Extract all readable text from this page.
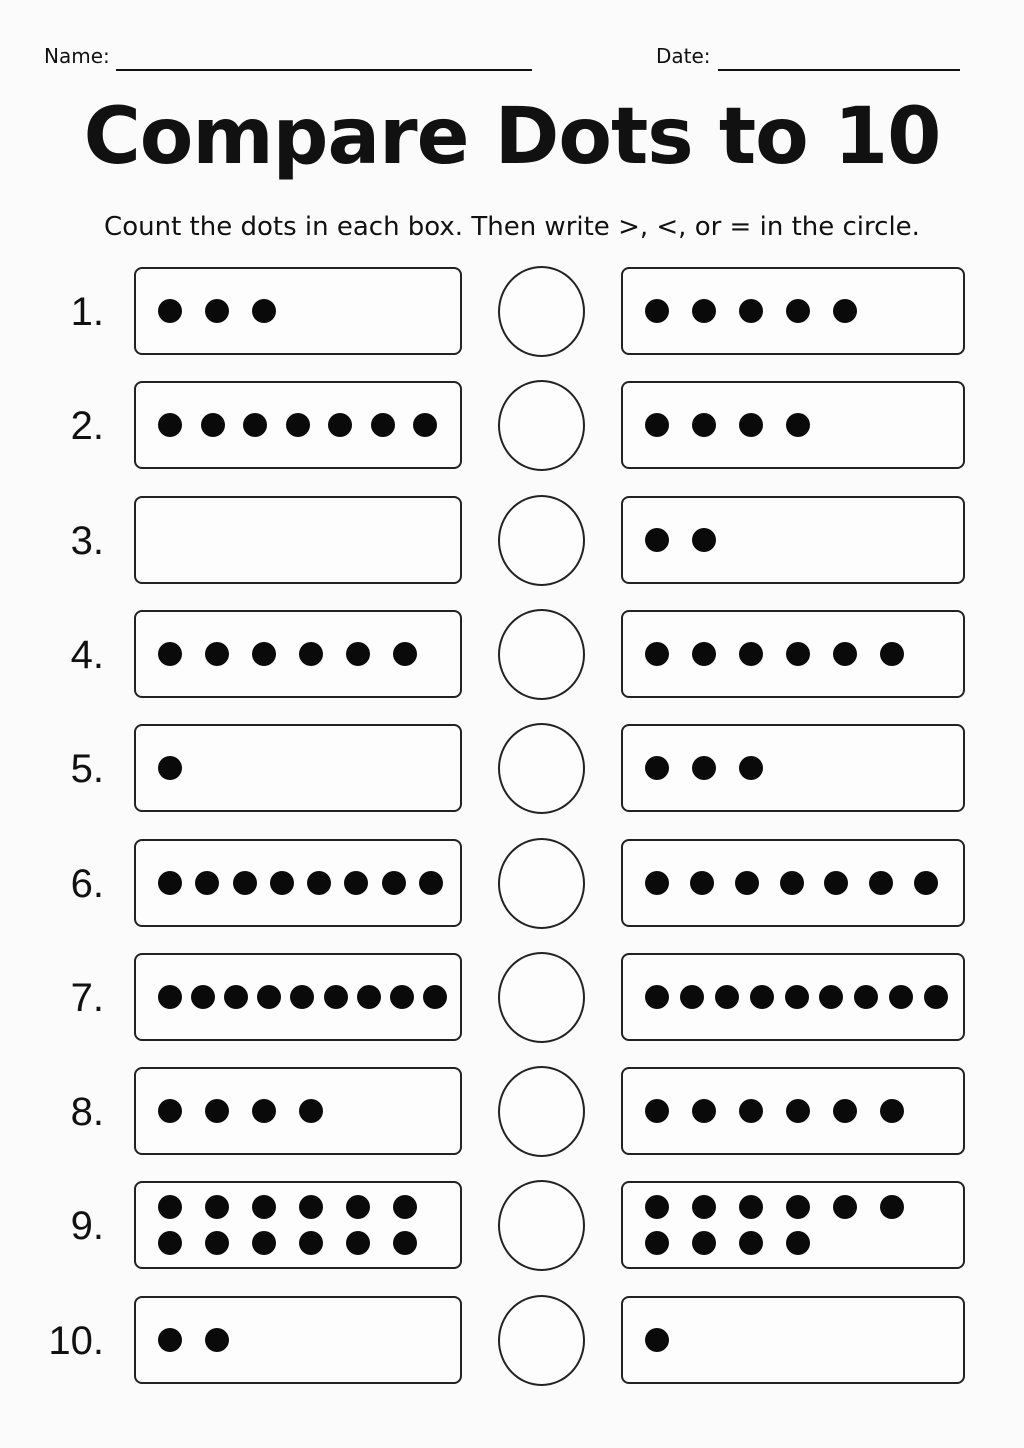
Name:	Date:
Compare Dots to 10
Count the dots in each box. Then write >, <, or = in the circle.
1.
2.
3.
4.
5.
6.
7.
8.
9.
10.
